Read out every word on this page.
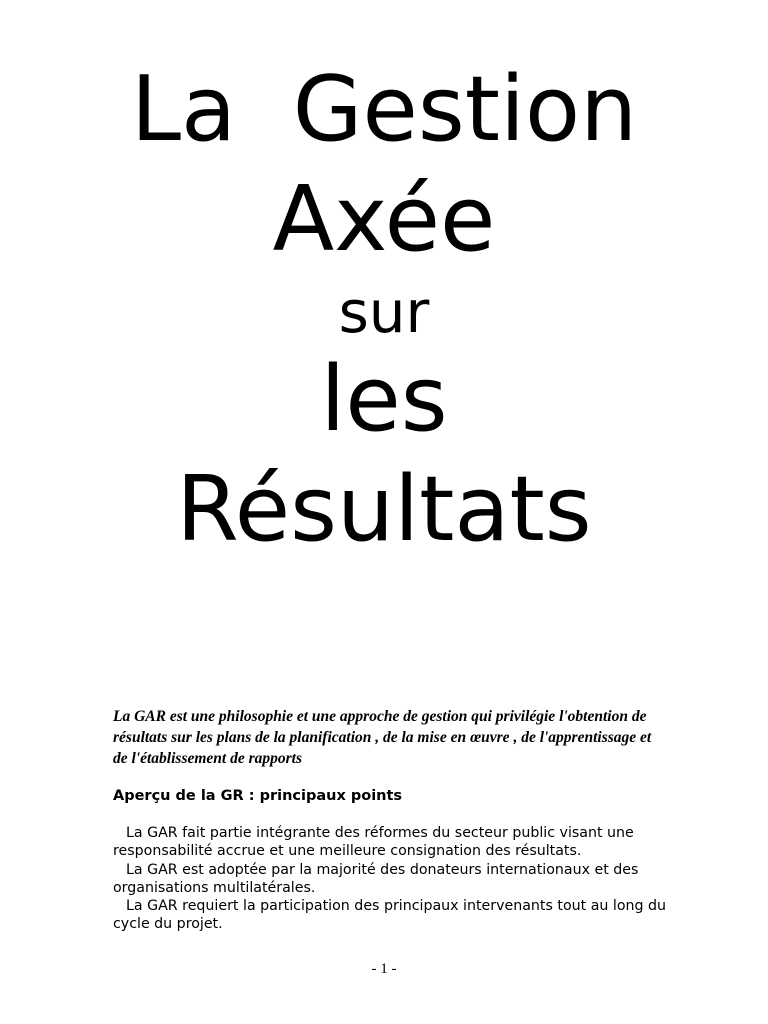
La Gestion
Axée
sur
les
Résultats

La GAR est une philosophie et une approche de gestion qui privilégie l'obtention de résultats sur les plans de la planification , de la mise en œuvre , de l'apprentissage et de l'établissement de rapports

Aperçu de la GR : principaux points
La GAR fait partie intégrante des réformes du secteur public visant une responsabilité accrue et une meilleure consignation des résultats.
La GAR est adoptée par la majorité des donateurs internationaux et des organisations multilatérales.
La GAR requiert la participation des principaux intervenants tout au long du cycle du projet.
- 1 -
